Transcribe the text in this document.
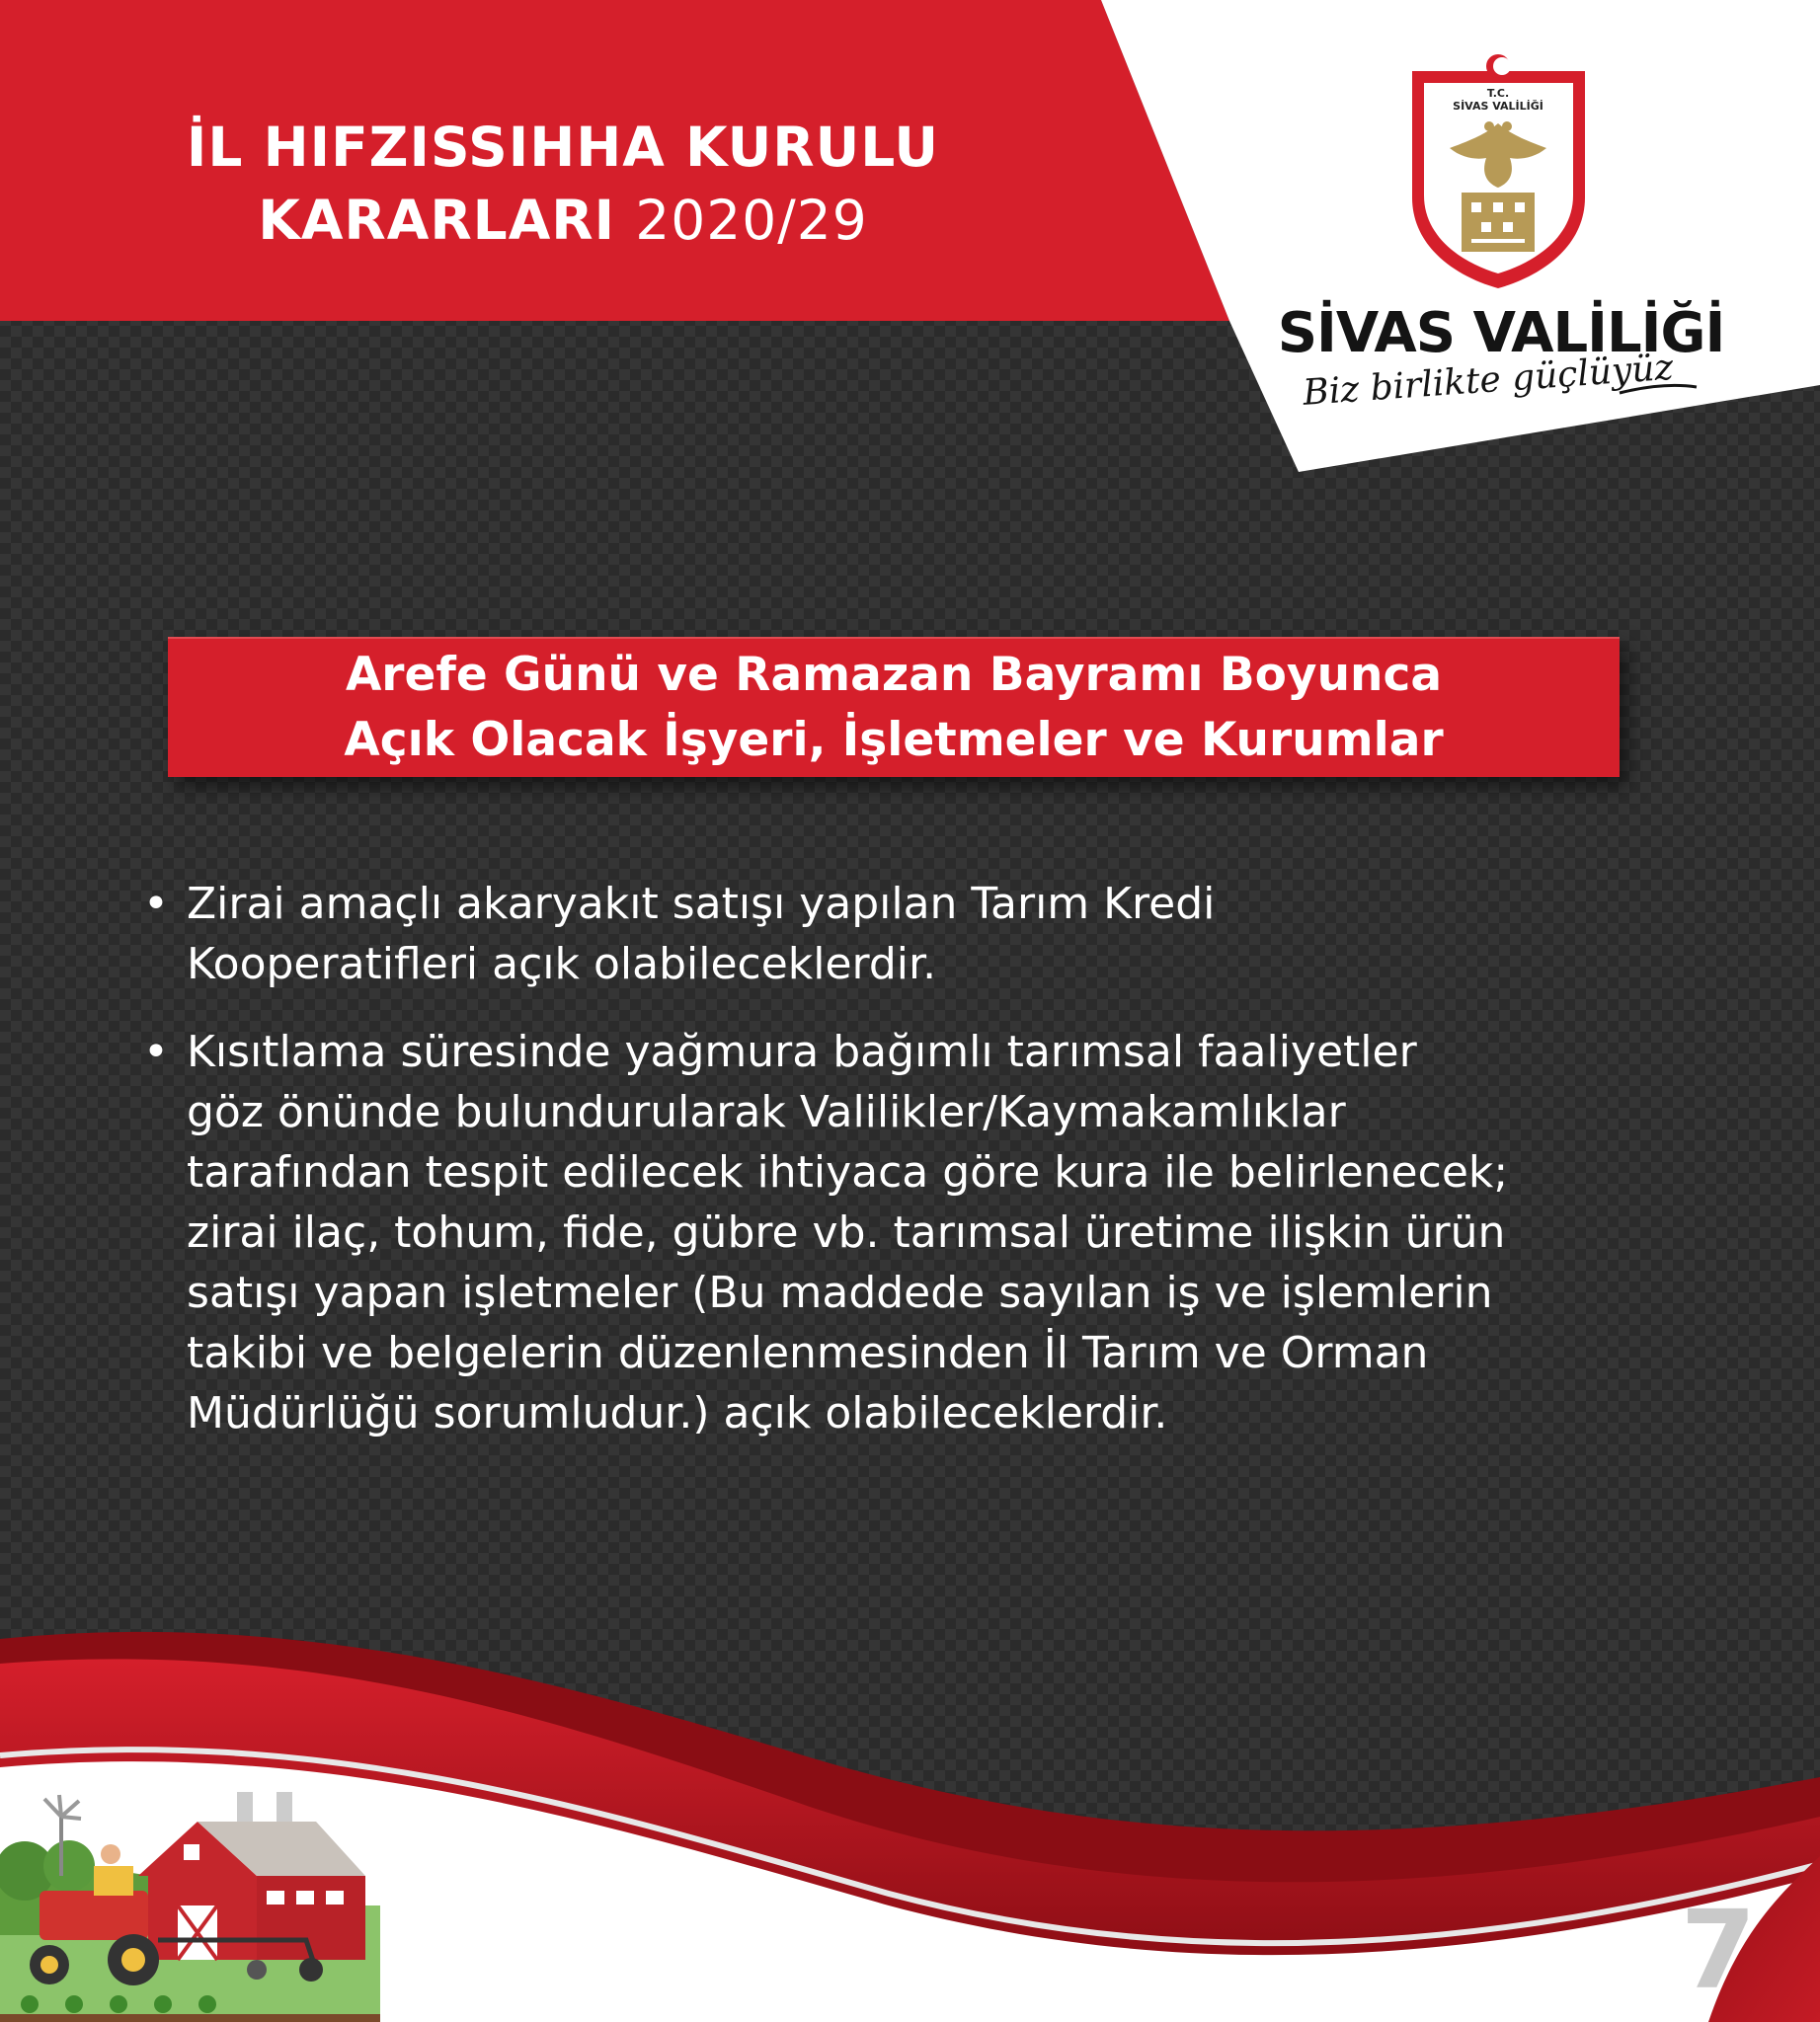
İL HIFZISSIHHA KURULU
KARARLARI 2020/29
T.C.
SİVAS VALİLİĞİ
SİVAS VALİLİĞİ
Biz birlikte güçlüyüz
Arefe Günü ve Ramazan Bayramı Boyunca
Açık Olacak İşyeri, İşletmeler ve Kurumlar
• Zirai amaçlı akaryakıt satışı yapılan Tarım Kredi
Kooperatifleri açık olabileceklerdir.
• Kısıtlama süresinde yağmura bağımlı tarımsal faaliyetler
göz önünde bulundurularak Valilikler/Kaymakamlıklar
tarafından tespit edilecek ihtiyaca göre kura ile belirlenecek;
zirai ilaç, tohum, fide, gübre vb. tarımsal üretime ilişkin ürün
satışı yapan işletmeler (Bu maddede sayılan iş ve işlemlerin
takibi ve belgelerin düzenlenmesinden İl Tarım ve Orman
Müdürlüğü sorumludur.) açık olabileceklerdir.
7
